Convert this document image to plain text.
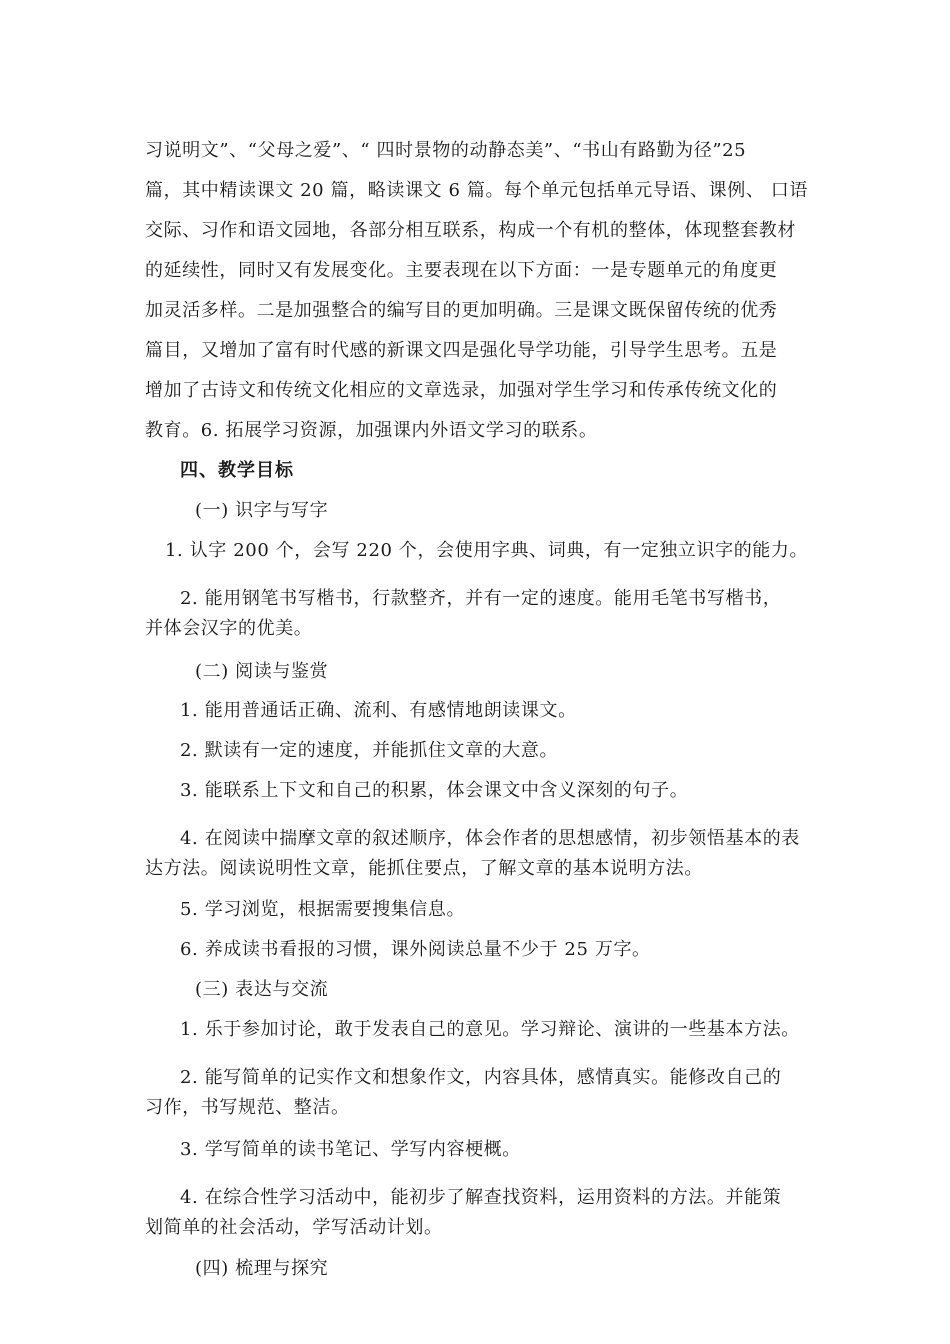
习说明文”、“父母之爱”、“ 四时景物的动静态美”、“书山有路勤为径”25
篇，其中精读课文 20 篇，略读课文 6 篇。每个单元包括单元导语、课例、 口语
交际、习作和语文园地，各部分相互联系，构成一个有机的整体，体现整套教材
的延续性，同时又有发展变化。主要表现在以下方面：一是专题单元的角度更
加灵活多样。二是加强整合的编写目的更加明确。三是课文既保留传统的优秀
篇目，又增加了富有时代感的新课文四是强化导学功能，引导学生思考。五是
增加了古诗文和传统文化相应的文章选录，加强对学生学习和传承传统文化的
教育。6. 拓展学习资源，加强课内外语文学习的联系。
四、教学目标
(一) 识字与写字
1. 认字 200 个，会写 220 个，会使用字典、词典，有一定独立识字的能力。
2. 能用钢笔书写楷书，行款整齐，并有一定的速度。能用毛笔书写楷书，
并体会汉字的优美。
(二) 阅读与鉴赏
1. 能用普通话正确、流利、有感情地朗读课文。
2. 默读有一定的速度，并能抓住文章的大意。
3. 能联系上下文和自己的积累，体会课文中含义深刻的句子。
4. 在阅读中揣摩文章的叙述顺序，体会作者的思想感情，初步领悟基本的表
达方法。阅读说明性文章，能抓住要点，了解文章的基本说明方法。
5. 学习浏览，根据需要搜集信息。
6. 养成读书看报的习惯，课外阅读总量不少于 25 万字。
(三) 表达与交流
1. 乐于参加讨论，敢于发表自己的意见。学习辩论、演讲的一些基本方法。
2. 能写简单的记实作文和想象作文，内容具体，感情真实。能修改自己的
习作，书写规范、整洁。
3. 学写简单的读书笔记、学写内容梗概。
4. 在综合性学习活动中，能初步了解查找资料，运用资料的方法。并能策
划简单的社会活动，学写活动计划。
(四) 梳理与探究
